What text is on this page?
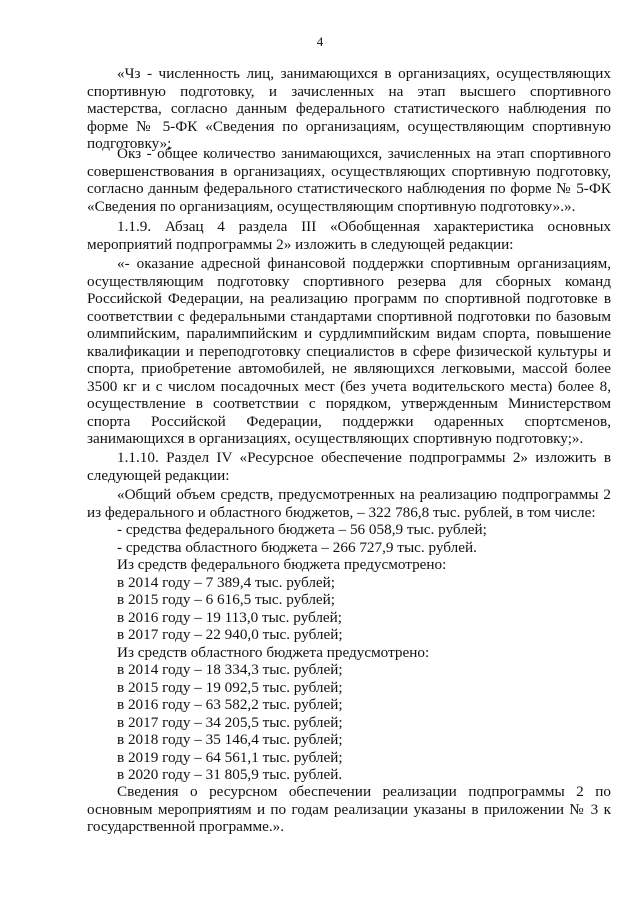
4

«Чз - численность лиц, занимающихся в организациях, осуществляющих спортивную подготовку, и зачисленных на этап высшего спортивного мастерства, согласно данным федерального статистического наблюдения по форме № 5-ФК «Сведения по организациям, осуществляющим спортивную подготовку»;

Окз - общее количество занимающихся, зачисленных на этап спортивного совершенствования в организациях, осуществляющих спортивную подготовку, согласно данным федерального статистического наблюдения по форме № 5-ФК «Сведения по организациям, осуществляющим спортивную подготовку».».

1.1.9. Абзац 4 раздела III «Обобщенная характеристика основных мероприятий подпрограммы 2» изложить в следующей редакции:

«- оказание адресной финансовой поддержки спортивным организациям, осуществляющим подготовку спортивного резерва для сборных команд Российской Федерации, на реализацию программ по спортивной подготовке в соответствии с федеральными стандартами спортивной подготовки по базовым олимпийским, паралимпийским и сурдлимпийским видам спорта, повышение квалификации и переподготовку специалистов в сфере физической культуры и спорта, приобретение автомобилей, не являющихся легковыми, массой более 3500 кг и с числом посадочных мест (без учета водительского места) более 8, осуществление в соответствии с порядком, утвержденным Министерством спорта Российской Федерации, поддержки одаренных спортсменов, занимающихся в организациях, осуществляющих спортивную подготовку;».

1.1.10. Раздел IV «Ресурсное обеспечение подпрограммы 2» изложить в следующей редакции:

«Общий объем средств, предусмотренных на реализацию подпрограммы 2 из федерального и областного бюджетов, – 322 786,8 тыс. рублей, в том числе:

- средства федерального бюджета – 56 058,9 тыс. рублей;
- средства областного бюджета – 266 727,9 тыс. рублей.
Из средств федерального бюджета предусмотрено:
в 2014 году – 7 389,4 тыс. рублей;
в 2015 году – 6 616,5 тыс. рублей;
в 2016 году – 19 113,0 тыс. рублей;
в 2017 году – 22 940,0 тыс. рублей;
Из средств областного бюджета предусмотрено:
в 2014 году – 18 334,3 тыс. рублей;
в 2015 году – 19 092,5 тыс. рублей;
в 2016 году – 63 582,2 тыс. рублей;
в 2017 году – 34 205,5 тыс. рублей;
в 2018 году – 35 146,4 тыс. рублей;
в 2019 году – 64 561,1 тыс. рублей;
в 2020 году – 31 805,9 тыс. рублей.

Сведения о ресурсном обеспечении реализации подпрограммы 2 по основным мероприятиям и по годам реализации указаны в приложении № 3 к государственной программе.».
